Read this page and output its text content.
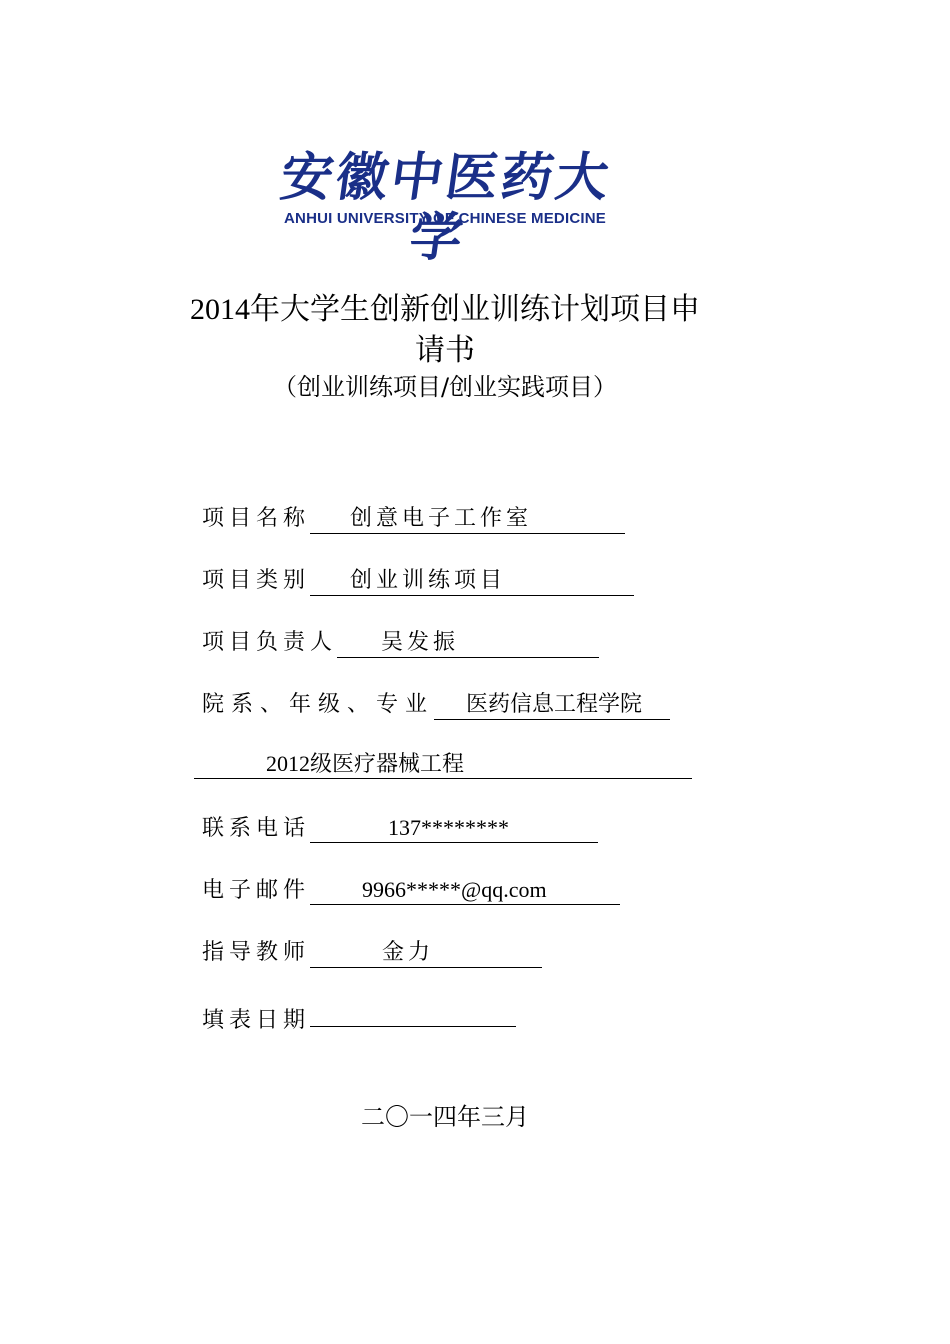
安徽中医药大学
ANHUI UNIVERSITY OF CHINESE MEDICINE
2014年大学生创新创业训练计划项目申
请书
（创业训练项目/创业实践项目）
项目名称 创意电子工作室
项目类别 创业训练项目
项目负责人 吴发振
院系、年级、专业 医药信息工程学院
2012级医疗器械工程
联系电话	137********
电子邮件 9966*****@qq.com
指导教师	金力
填表日期
二〇一四年三月
